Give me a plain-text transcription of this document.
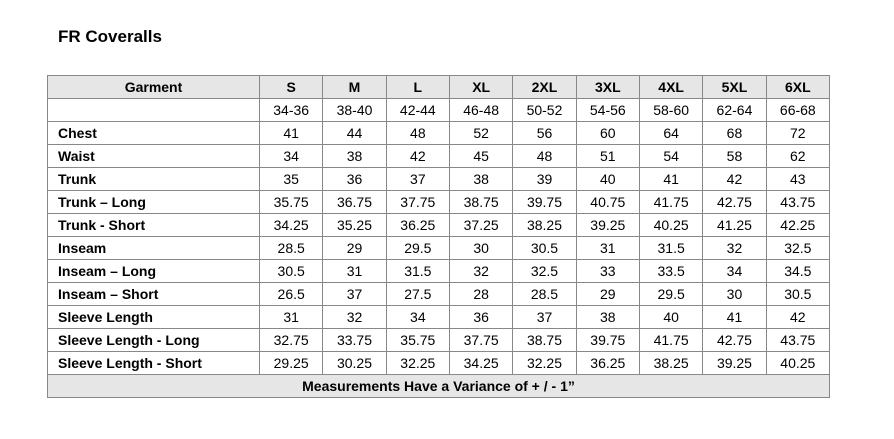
FR Coveralls
Garment	S	M	L	XL	2XL	3XL	4XL	5XL	6XL
	34-36	38-40	42-44	46-48	50-52	54-56	58-60	62-64	66-68
Chest	41	44	48	52	56	60	64	68	72
Waist	34	38	42	45	48	51	54	58	62
Trunk	35	36	37	38	39	40	41	42	43
Trunk – Long	35.75	36.75	37.75	38.75	39.75	40.75	41.75	42.75	43.75
Trunk - Short	34.25	35.25	36.25	37.25	38.25	39.25	40.25	41.25	42.25
Inseam	28.5	29	29.5	30	30.5	31	31.5	32	32.5
Inseam – Long	30.5	31	31.5	32	32.5	33	33.5	34	34.5
Inseam – Short	26.5	37	27.5	28	28.5	29	29.5	30	30.5
Sleeve Length	31	32	34	36	37	38	40	41	42
Sleeve Length - Long	32.75	33.75	35.75	37.75	38.75	39.75	41.75	42.75	43.75
Sleeve Length - Short	29.25	30.25	32.25	34.25	32.25	36.25	38.25	39.25	40.25
Measurements Have a Variance of + / - 1”									
